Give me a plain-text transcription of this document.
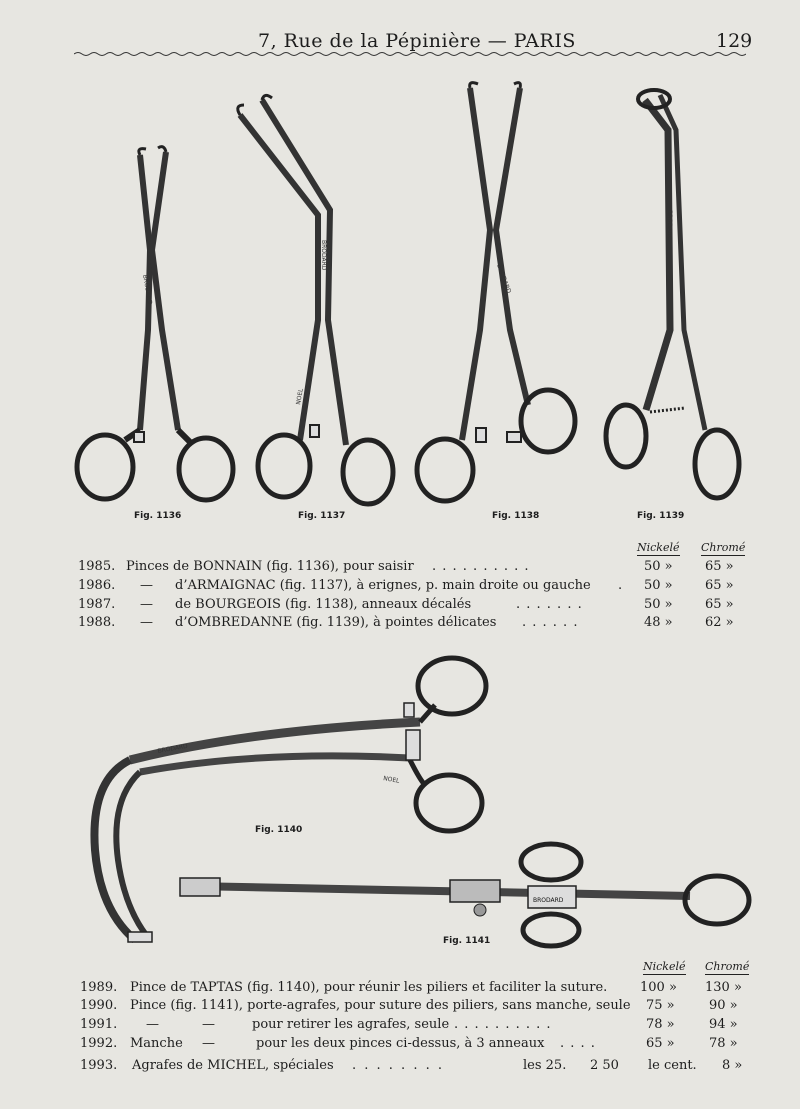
7, Rue de la Pépinière — PARIS	129
BRODARD
BRODARD
NOEL
BRODARD
BRODARD
Fig. 1136	Fig. 1137	Fig. 1138	Fig. 1139
Nickelé Chromé
1985. Pinces de BONNAIN (fig. 1136), pour saisir . . . . . . . . . .	50 » 65 »
1986. — d’ARMAIGNAC (fig. 1137), à erignes, p. main droite ou gauche . 50 » 65 »
1987. — de BOURGEOIS (fig. 1138), anneaux décalés	. . . . . . .	50 » 65 »
1988. — d’OMBREDANNE (fig. 1139), à pointes délicates . . . . . .	48 » 62 »
BRODARD
NOEL
BRODARD
Fig. 1140
Fig. 1141
Nickelé Chromé
1989. Pince de TAPTAS (fig. 1140), pour réunir les piliers et faciliter la suture.	100 » 130 »
1990. Pince (fig. 1141), porte-agrafes, pour suture des piliers, sans manche, seule 75 »	90 »
1991. —	—	pour retirer les agrafes, seule . . . . . . . . . .	78 »	94 »
1992. Manche —	pour les deux pinces ci-dessus, à 3 anneaux . . . .	65 »	78 »
1993. Agrafes de MICHEL, spéciales . . . . . . . .	les 25. 2 50 le cent. 8 »
